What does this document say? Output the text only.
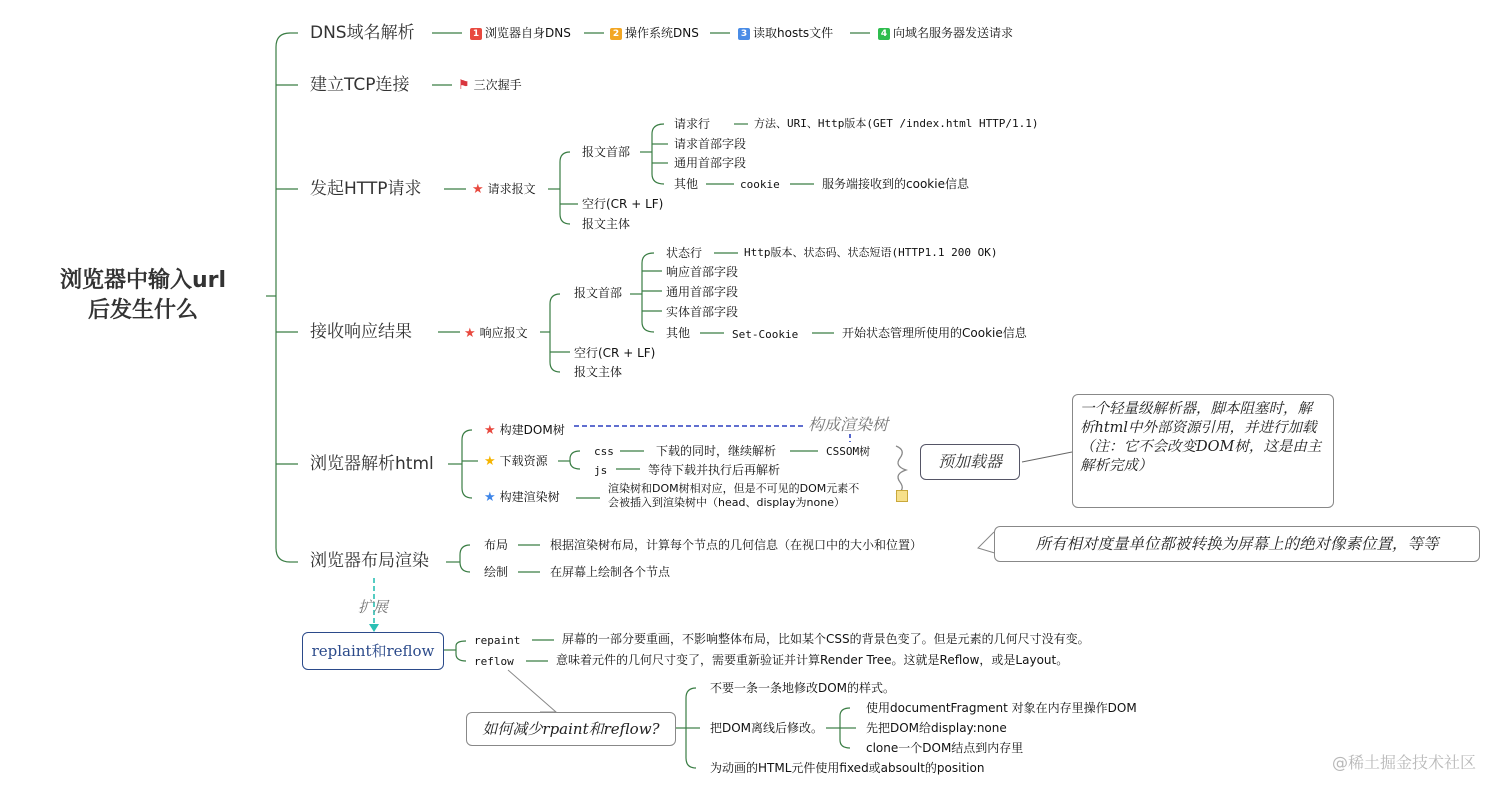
浏览器中输入url
后发生什么
DNS域名解析	1 浏览器自身DNS	2 操作系统DNS	3 读取hosts文件	4 向域名服务器发送请求
建立TCP连接	⚑ 三次握手
发起HTTP请求	★ 请求报文
报文首部
请求行	方法、URI、Http版本(GET /index.html HTTP/1.1)
请求首部字段
通用首部字段
其他	cookie	服务端接收到的cookie信息
空行(CR + LF)
报文主体
接收响应结果	★ 响应报文
报文首部
状态行	Http版本、状态码、状态短语(HTTP1.1 200 OK)
响应首部字段
通用首部字段
实体首部字段
其他	Set-Cookie	开始状态管理所使用的Cookie信息
空行(CR + LF)
报文主体
浏览器解析html
★ 构建DOM树	构成渲染树
★ 下载资源
css	下载的同时，继续解析	CSSOM树
js	等待下载并执行后再解析
★ 构建渲染树
渲染树和DOM树相对应，但是不可见的DOM元素不
会被插入到渲染树中（head、display为none）
预加载器
一个轻量级解析器，脚本阻塞时，解析html中外部资源引用，并进行加载（注：它不会改变DOM树，这是由主解析完成）
浏览器布局渲染
布局	根据渲染树布局，计算每个节点的几何信息（在视口中的大小和位置）
绘制	在屏幕上绘制各个节点
所有相对度量单位都被转换为屏幕上的绝对像素位置，等等
扩展
replaint和reflow
repaint	屏幕的一部分要重画，不影响整体布局，比如某个CSS的背景色变了。但是元素的几何尺寸没有变。
reflow	意味着元件的几何尺寸变了，需要重新验证并计算Render Tree。这就是Reflow，或是Layout。
如何减少rpaint和reflow?
不要一条一条地修改DOM的样式。
把DOM离线后修改。
使用documentFragment 对象在内存里操作DOM
先把DOM给display:none
clone一个DOM结点到内存里
为动画的HTML元件使用fixed或absoult的position	@稀土掘金技术社区
